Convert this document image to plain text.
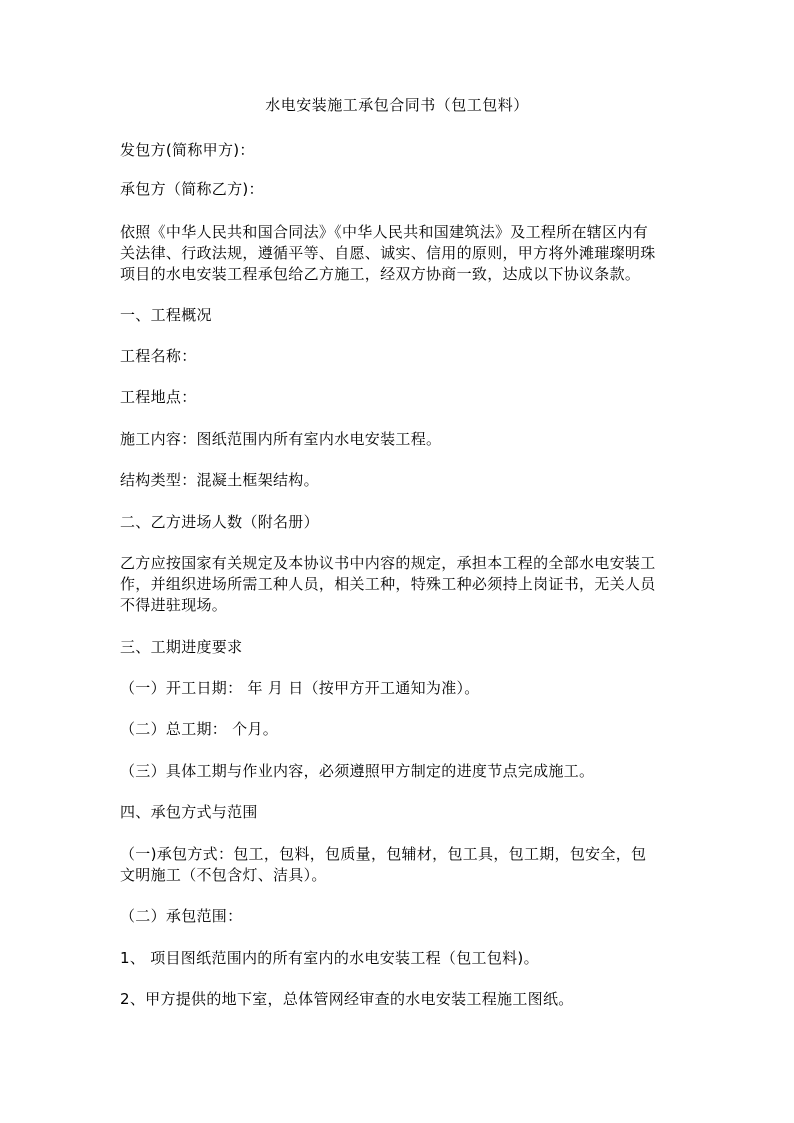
水电安装施工承包合同书（包工包料）
发包方(简称甲方)：
承包方（简称乙方)：
依照《中华人民共和国合同法》《中华人民共和国建筑法》及工程所在辖区内有
关法律、行政法规，遵循平等、自愿、诚实、信用的原则，甲方将外滩璀璨明珠
项目的水电安装工程承包给乙方施工，经双方协商一致，达成以下协议条款。
一、工程概况
工程名称：
工程地点：
施工内容：图纸范围内所有室内水电安装工程。
结构类型：混凝土框架结构。
二、乙方进场人数（附名册）
乙方应按国家有关规定及本协议书中内容的规定，承担本工程的全部水电安装工
作，并组织进场所需工种人员，相关工种，特殊工种必须持上岗证书，无关人员
不得进驻现场。
三、工期进度要求
（一）开工日期： 年 月 日（按甲方开工通知为准）。
（二）总工期： 个月。
（三）具体工期与作业内容，必须遵照甲方制定的进度节点完成施工。
四、承包方式与范围
（一)承包方式：包工，包料，包质量，包辅材，包工具，包工期，包安全，包
文明施工（不包含灯、洁具）。
（二）承包范围：
1、 项目图纸范围内的所有室内的水电安装工程（包工包料)。
2、甲方提供的地下室，总体管网经审查的水电安装工程施工图纸。
